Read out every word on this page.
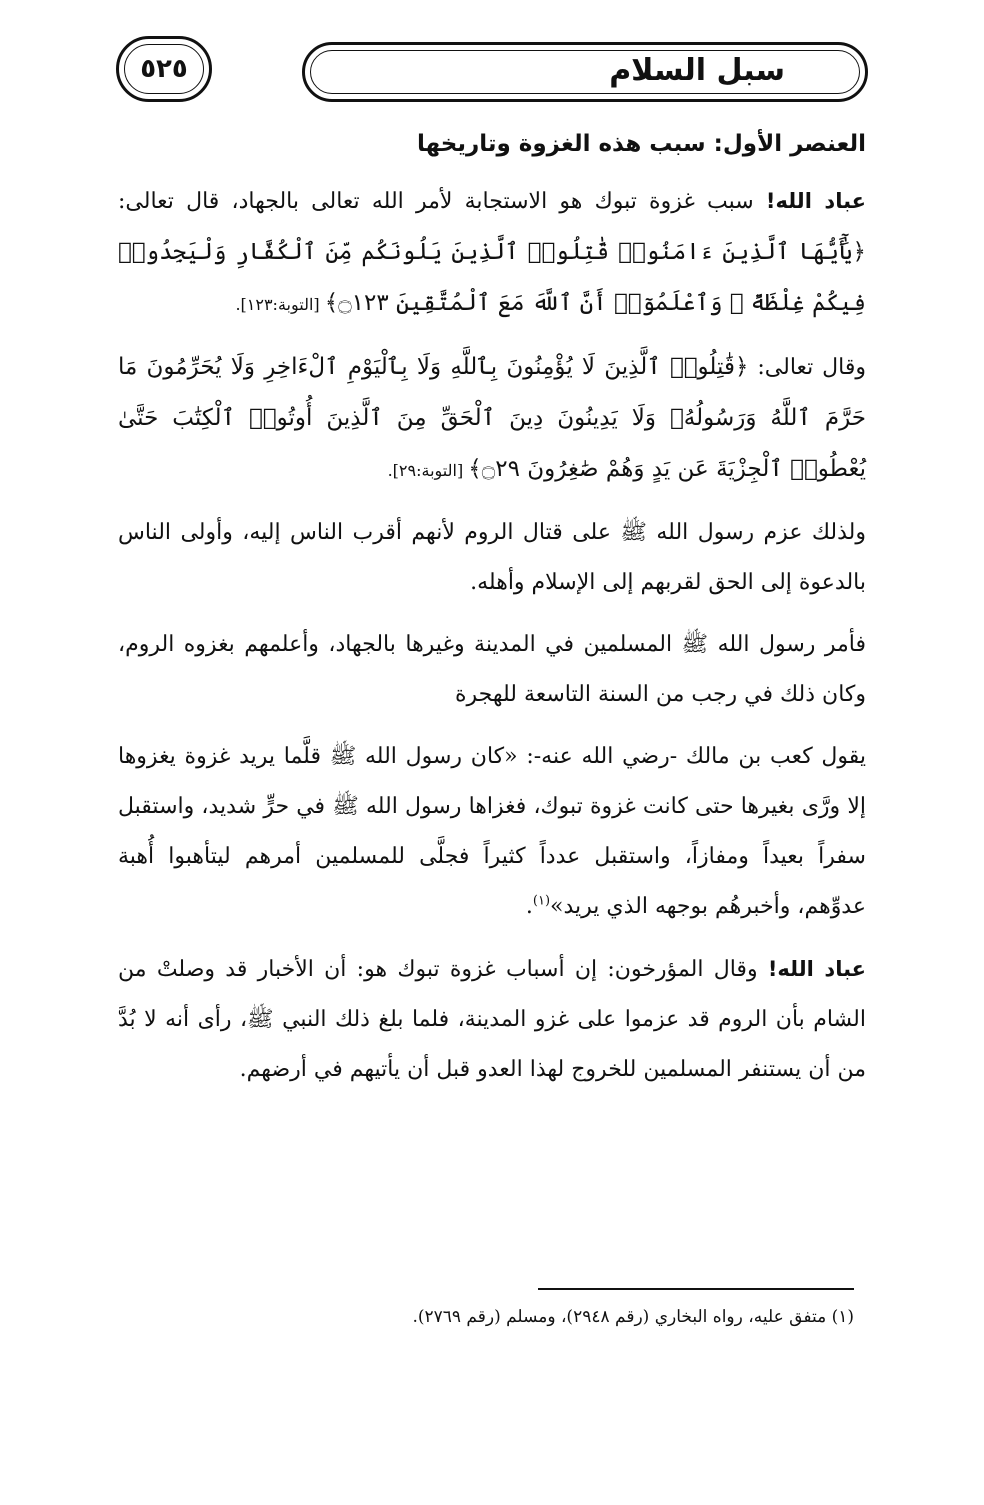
سبل السلام
٥٢٥
العنصر الأول: سبب هذه الغزوة وتاريخها

عباد الله! سبب غزوة تبوك هو الاستجابة لأمر الله تعالى بالجهاد، قال تعالى: ﴿يَٰٓأَيُّهَا ٱلَّذِينَ ءَامَنُوا۟ قَٰتِلُوا۟ ٱلَّذِينَ يَلُونَكُم مِّنَ ٱلْكُفَّارِ وَلْيَجِدُوا۟ فِيكُمْ غِلْظَةً ۚ وَٱعْلَمُوٓا۟ أَنَّ ٱللَّهَ مَعَ ٱلْمُتَّقِينَ ۝١٢٣﴾ [التوبة:١٢٣].

وقال تعالى: ﴿قَٰتِلُوا۟ ٱلَّذِينَ لَا يُؤْمِنُونَ بِٱللَّهِ وَلَا بِٱلْيَوْمِ ٱلْءَاخِرِ وَلَا يُحَرِّمُونَ مَا حَرَّمَ ٱللَّهُ وَرَسُولُهُۥ وَلَا يَدِينُونَ دِينَ ٱلْحَقِّ مِنَ ٱلَّذِينَ أُوتُوا۟ ٱلْكِتَٰبَ حَتَّىٰ يُعْطُوا۟ ٱلْجِزْيَةَ عَن يَدٍ وَهُمْ صَٰغِرُونَ ۝٢٩﴾ [التوبة:٢٩].

ولذلك عزم رسول الله ﷺ على قتال الروم لأنهم أقرب الناس إليه، وأولى الناس بالدعوة إلى الحق لقربهم إلى الإسلام وأهله.

فأمر رسول الله ﷺ المسلمين في المدينة وغيرها بالجهاد، وأعلمهم بغزوه الروم، وكان ذلك في رجب من السنة التاسعة للهجرة

يقول كعب بن مالك -رضي الله عنه-: «كان رسول الله ﷺ قلَّما يريد غزوة يغزوها إلا ورَّى بغيرها حتى كانت غزوة تبوك، فغزاها رسول الله ﷺ في حرٍّ شديد، واستقبل سفراً بعيداً ومفازاً، واستقبل عدداً كثيراً فجلَّى للمسلمين أمرهم ليتأهبوا أُهبة عدوِّهم، وأخبرهُم بوجهه الذي يريد»$^{(١)}$.

عباد الله! وقال المؤرخون: إن أسباب غزوة تبوك هو: أن الأخبار قد وصلتْ من الشام بأن الروم قد عزموا على غزو المدينة، فلما بلغ ذلك النبي ﷺ، رأى أنه لا بُدَّ من أن يستنفر المسلمين للخروج لهذا العدو قبل أن يأتيهم في أرضهم.

(١) متفق عليه، رواه البخاري (رقم ٢٩٤٨)، ومسلم (رقم ٢٧٦٩).
